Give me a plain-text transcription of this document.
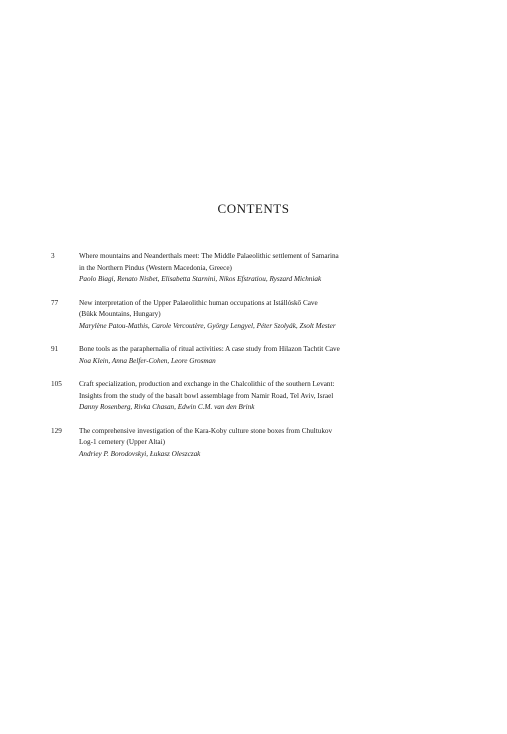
CONTENTS
3	Where mountains and Neanderthals meet: The Middle Palaeolithic settlement of Samarina
in the Northern Pindus (Western Macedonia, Greece)
Paolo Biagi, Renato Nisbet, Elisabetta Starnini, Nikos Efstratiou, Ryszard Michniak
77	New interpretation of the Upper Palaeolithic human occupations at Istállóskő Cave
(Bükk Mountains, Hungary)
Marylène Patou-Mathis, Carole Vercoutère, György Lengyel, Péter Szolyák, Zsolt Mester
91	Bone tools as the paraphernalia of ritual activities: A case study from Hilazon Tachtit Cave
Noa Klein, Anna Belfer-Cohen, Leore Grosman
105	Craft specialization, production and exchange in the Chalcolithic of the southern Levant:
Insights from the study of the basalt bowl assemblage from Namir Road, Tel Aviv, Israel
Danny Rosenberg, Rivka Chasan, Edwin C.M. van den Brink
129	The comprehensive investigation of the Kara-Koby culture stone boxes from Chultukov
Log-1 cemetery (Upper Altai)
Andriey P. Borodovskyi, Łukasz Oleszczak
